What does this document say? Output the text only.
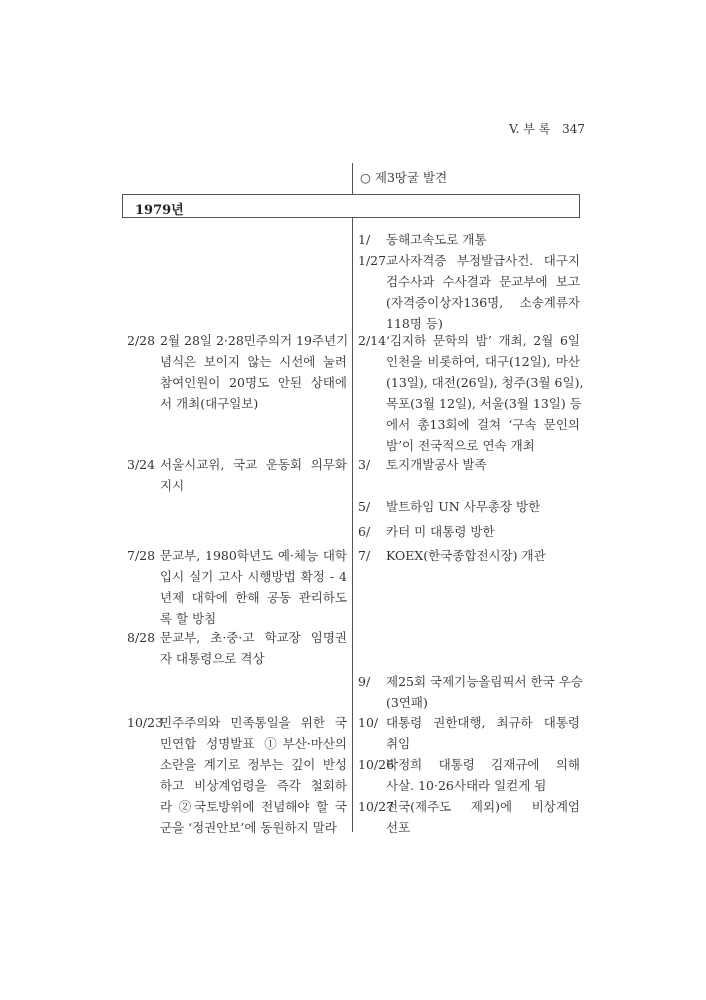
V. 부 록 347
○ 제3땅굴 발견
1979년
2/28 2월 28일 2·28민주의거 19주년기
념식은 보이지 않는 시선에 눌려
참여인원이 20명도 안된 상태에
서 개최(대구일보)
3/24 서울시교위, 국교 운동회 의무화
지시
7/28 문교부, 1980학년도 예·체능 대학
입시 실기 고사 시행방법 확정 - 4
년제 대학에 한해 공동 관리하도
록 할 방침
8/28 문교부, 초·중·고 학교장 임명권
자 대통령으로 격상
10/23
민주주의와 민족통일을 위한 국
민연합 성명발표 ①부산·마산의
소란을 계기로 정부는 깊이 반성
하고 비상계엄령을 즉각 철회하
라 ②국토방위에 전념해야 할 국
군을 ‘정권안보’에 동원하지 말라
1/ 동해고속도로 개통
1/27 교사자격증 부정발급사건. 대구지
검수사과 수사결과 문교부에 보고
(자격증이상자136명, 소송계류자
118명 등)
2/14 ‘김지하 문학의 밤’ 개최, 2월 6일
인천을 비롯하여, 대구(12일), 마산
(13일), 대전(26일), 청주(3월 6일),
목포(3월 12일), 서울(3월 13일) 등
에서 총13회에 걸쳐 ‘구속 문인의
밤’이 전국적으로 연속 개최
3/ 토지개발공사 발족
5/ 발트하임 UN 사무총장 방한
6/ 카터 미 대통령 방한
7/ KOEX(한국종합전시장) 개관
9/ 제25회 국제기능올림픽서 한국 우승
(3연패)
10/ 대통령 권한대행, 최규하 대통령
취임
10/26
박정희 대통령 김재규에 의해
사살. 10·26사태라 일컫게 됨
10/27
전국(제주도 제외)에 비상계엄
선포
